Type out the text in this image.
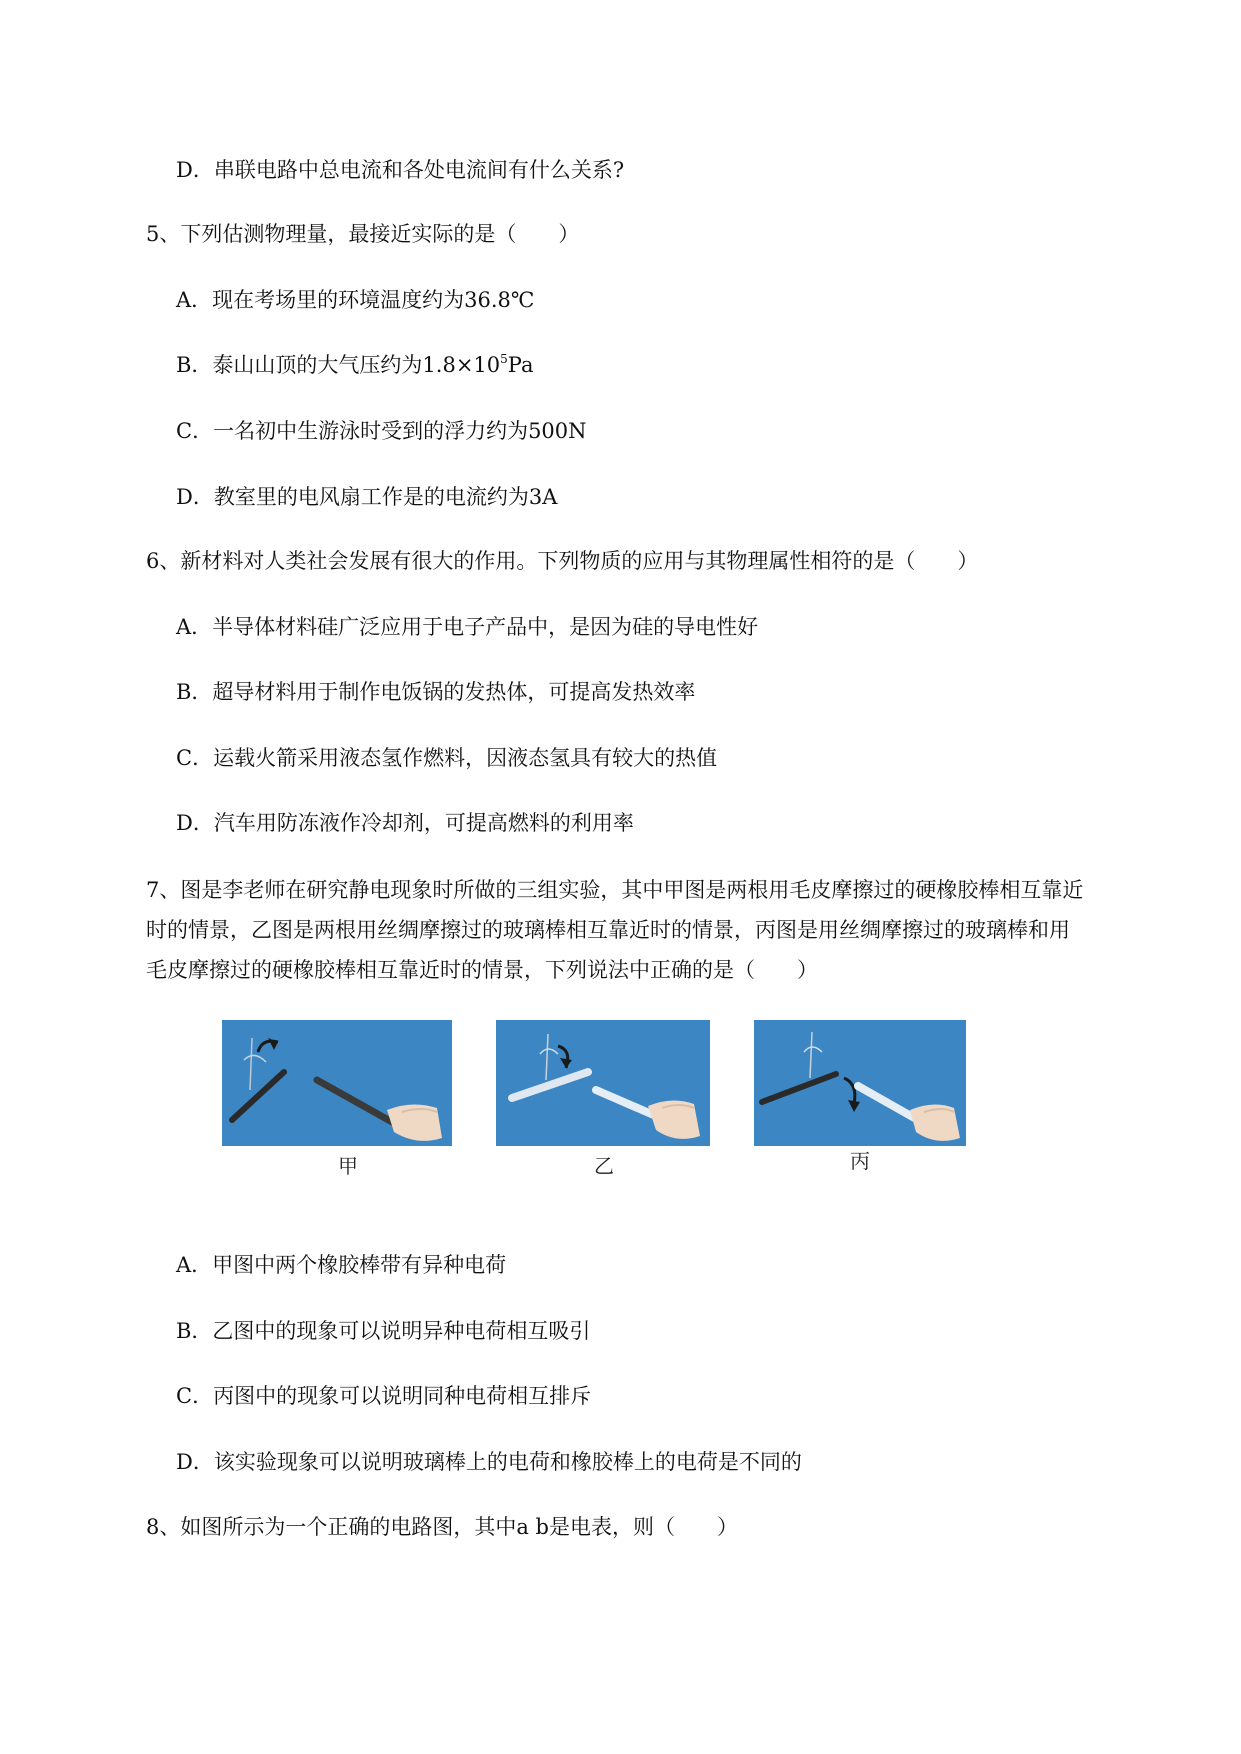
D．串联电路中总电流和各处电流间有什么关系?
5、下列估测物理量，最接近实际的是（　　）
A．现在考场里的环境温度约为36.8℃
B．泰山山顶的大气压约为$1.8\times 10^5Pa$
C．一名初中生游泳时受到的浮力约为500N
D．教室里的电风扇工作是的电流约为3A
6、新材料对人类社会发展有很大的作用。下列物质的应用与其物理属性相符的是（　　）
A．半导体材料硅广泛应用于电子产品中，是因为硅的导电性好
B．超导材料用于制作电饭锅的发热体，可提高发热效率
C．运载火箭采用液态氢作燃料，因液态氢具有较大的热值
D．汽车用防冻液作冷却剂，可提高燃料的利用率
7、图是李老师在研究静电现象时所做的三组实验，其中甲图是两根用毛皮摩擦过的硬橡胶棒相互靠近
时的情景，乙图是两根用丝绸摩擦过的玻璃棒相互靠近时的情景，丙图是用丝绸摩擦过的玻璃棒和用
毛皮摩擦过的硬橡胶棒相互靠近时的情景，下列说法中正确的是（　　）
甲	乙	丙
A．甲图中两个橡胶棒带有异种电荷
B．乙图中的现象可以说明异种电荷相互吸引
C．丙图中的现象可以说明同种电荷相互排斥
D．该实验现象可以说明玻璃棒上的电荷和橡胶棒上的电荷是不同的
8、如图所示为一个正确的电路图，其中a b是电表，则（　　）
